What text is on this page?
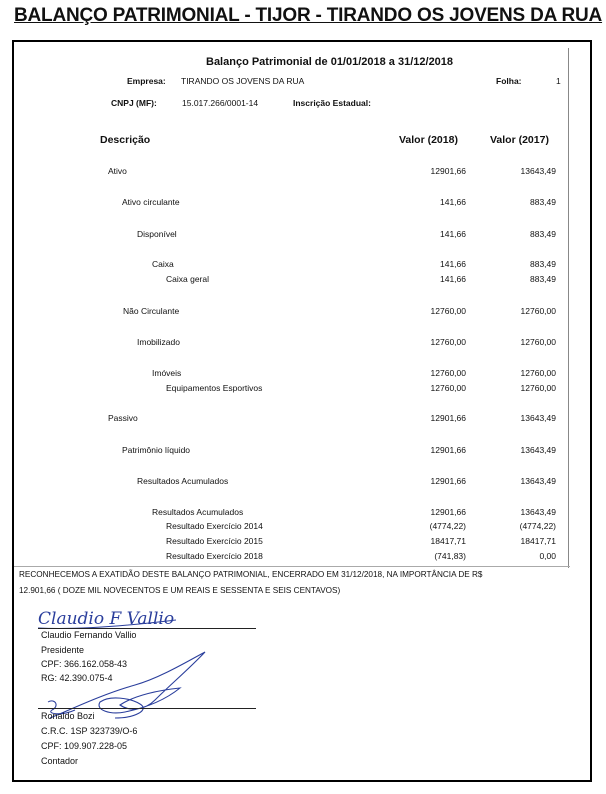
BALANÇO PATRIMONIAL - TIJOR - TIRANDO OS JOVENS DA RUA
Balanço Patrimonial de 01/01/2018 a 31/12/2018
Empresa: TIRANDO OS JOVENS DA RUA	Folha:	1
CNPJ (MF):	15.017.266/0001-14	Inscrição Estadual:
Descrição	Valor (2018)	Valor (2017)
Ativo	12901,66	13643,49
Ativo circulante	141,66	883,49
Disponível	141,66	883,49
Caixa	141,66	883,49
Caixa geral	141,66	883,49
Não Circulante	12760,00	12760,00
Imobilizado	12760,00	12760,00
Imóveis	12760,00	12760,00
Equipamentos Esportivos	12760,00	12760,00
Passivo	12901,66	13643,49
Patrimônio líquido	12901,66	13643,49
Resultados Acumulados	12901,66	13643,49
Resultados Acumulados	12901,66	13643,49
Resultado Exercício 2014	(4774,22)	(4774,22)
Resultado Exercício 2015	18417,71	18417,71
Resultado Exercício 2018	(741,83)	0,00
RECONHECEMOS A EXATIDÃO DESTE BALANÇO PATRIMONIAL, ENCERRADO EM 31/12/2018, NA IMPORTÂNCIA DE R$
12.901,66 ( DOZE MIL NOVECENTOS E UM REAIS E SESSENTA E SEIS CENTAVOS)
Claudio F Vallio
Claudio Fernando Vallio
Presidente
CPF: 366.162.058-43
RG: 42.390.075-4
Ronaldo Bozi
C.R.C. 1SP 323739/O-6
CPF: 109.907.228-05
Contador
